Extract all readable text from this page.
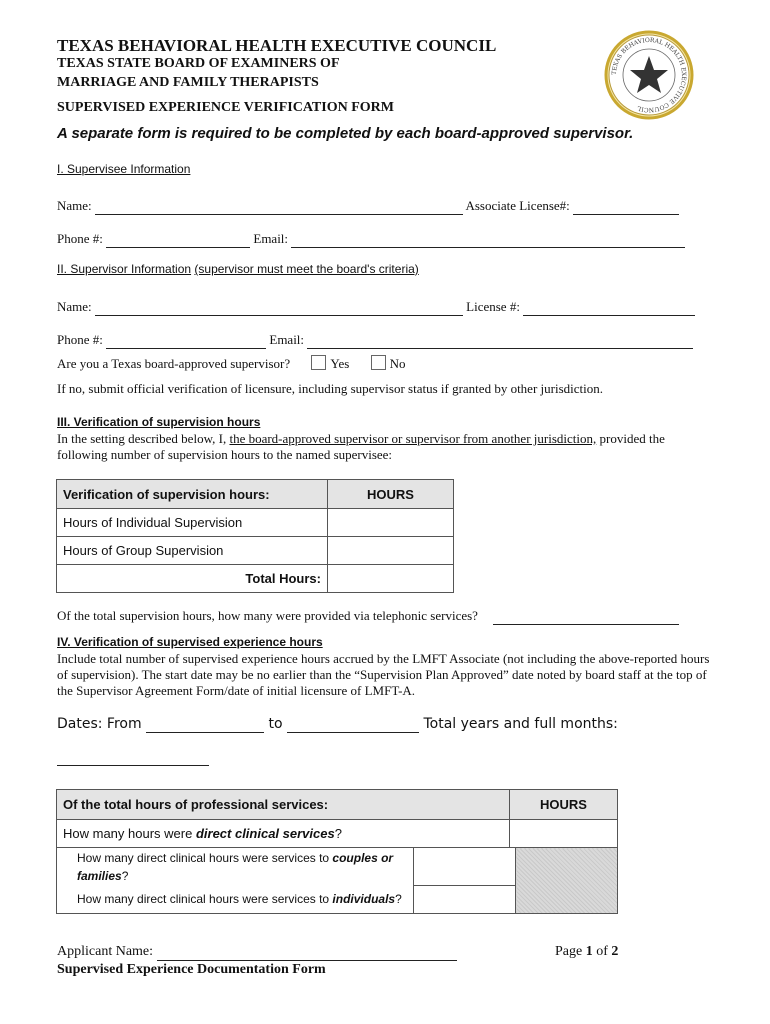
TEXAS BEHAVIORAL HEALTH EXECUTIVE COUNCIL
TEXAS STATE BOARD OF EXAMINERS OF
MARRIAGE AND FAMILY THERAPISTS
SUPERVISED EXPERIENCE VERIFICATION FORM
A separate form is required to be completed by each board-approved supervisor.
TEXAS BEHAVIORAL HEALTH EXECUTIVE COUNCIL
I. Supervisee Information
Name:	Associate License#:
Phone #:	Email:
II. Supervisor Information (supervisor must meet the board's criteria)
Name:	License #:
Phone #:	Email:
Are you a Texas board-approved supervisor?	Yes	No
If no, submit official verification of licensure, including supervisor status if granted by other jurisdiction.
III. Verification of supervision hours
In the setting described below, I, the board-approved supervisor or supervisor from another jurisdiction, provided the following number of supervision hours to the named supervisee:
Verification of supervision hours:	HOURS
Hours of Individual Supervision	
Hours of Group Supervision	
Total Hours:	
Of the total supervision hours, how many were provided via telephonic services?
IV. Verification of supervised experience hours
Include total number of supervised experience hours accrued by the LMFT Associate (not including the above-reported hours of supervision). The start date may be no earlier than the “Supervision Plan Approved” date noted by board staff at the top of the Supervisor Agreement Form/date of initial licensure of LMFT-A.
Dates: From	to	Total years and full months:
Of the total hours of professional services:	HOURS
How many hours were direct clinical services?	
How many direct clinical hours were services to couples or families?		
How many direct clinical hours were services to individuals?		
Applicant Name:	Page 1 of 2
Supervised Experience Documentation Form
